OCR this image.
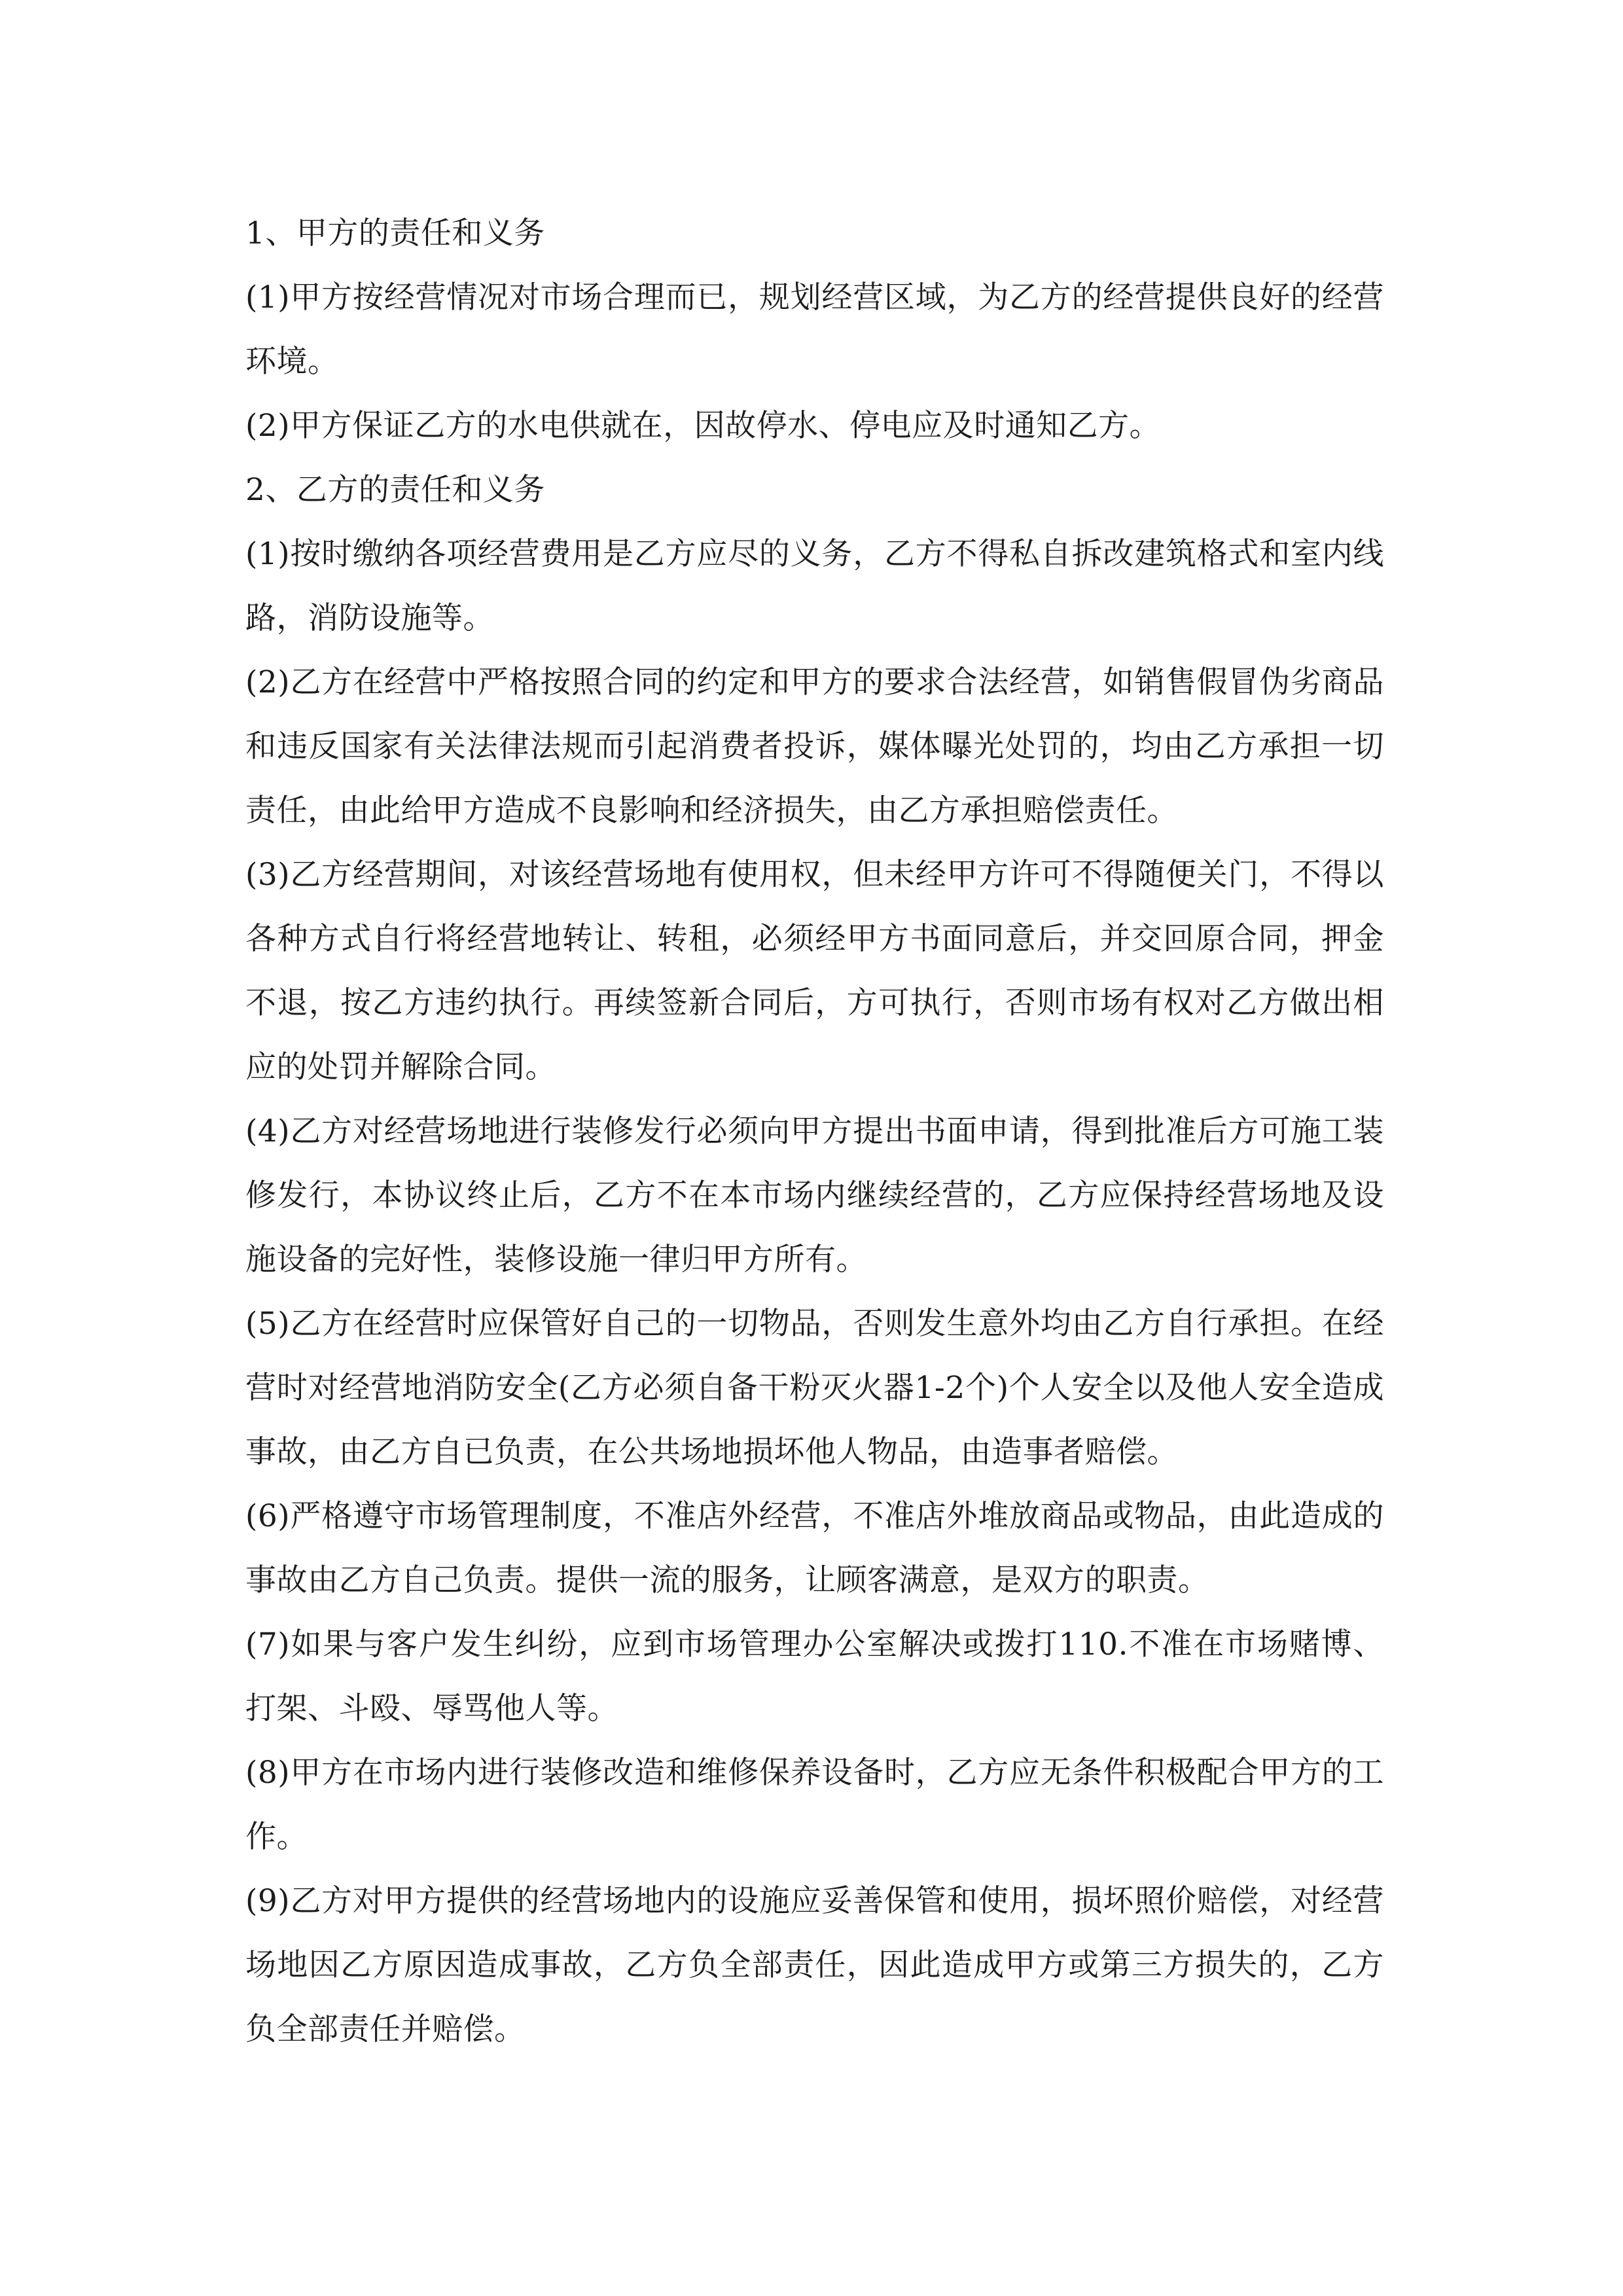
1、甲方的责任和义务

(1)甲方按经营情况对市场合理而已，规划经营区域，为乙方的经营提供良好的经营环境。

(2)甲方保证乙方的水电供就在，因故停水、停电应及时通知乙方。

2、乙方的责任和义务

(1)按时缴纳各项经营费用是乙方应尽的义务，乙方不得私自拆改建筑格式和室内线路，消防设施等。

(2)乙方在经营中严格按照合同的约定和甲方的要求合法经营，如销售假冒伪劣商品和违反国家有关法律法规而引起消费者投诉，媒体曝光处罚的，均由乙方承担一切责任，由此给甲方造成不良影响和经济损失，由乙方承担赔偿责任。

(3)乙方经营期间，对该经营场地有使用权，但未经甲方许可不得随便关门，不得以各种方式自行将经营地转让、转租，必须经甲方书面同意后，并交回原合同，押金不退，按乙方违约执行。再续签新合同后，方可执行，否则市场有权对乙方做出相应的处罚并解除合同。

(4)乙方对经营场地进行装修发行必须向甲方提出书面申请，得到批准后方可施工装修发行，本协议终止后，乙方不在本市场内继续经营的，乙方应保持经营场地及设施设备的完好性，装修设施一律归甲方所有。

(5)乙方在经营时应保管好自己的一切物品，否则发生意外均由乙方自行承担。在经营时对经营地消防安全(乙方必须自备干粉灭火器1-2个)个人安全以及他人安全造成事故，由乙方自已负责，在公共场地损坏他人物品，由造事者赔偿。

(6)严格遵守市场管理制度，不准店外经营，不准店外堆放商品或物品，由此造成的事故由乙方自己负责。提供一流的服务，让顾客满意，是双方的职责。

(7)如果与客户发生纠纷，应到市场管理办公室解决或拨打110.不准在市场赌博、打架、斗殴、辱骂他人等。

(8)甲方在市场内进行装修改造和维修保养设备时，乙方应无条件积极配合甲方的工作。

(9)乙方对甲方提供的经营场地内的设施应妥善保管和使用，损坏照价赔偿，对经营场地因乙方原因造成事故，乙方负全部责任，因此造成甲方或第三方损失的，乙方负全部责任并赔偿。
